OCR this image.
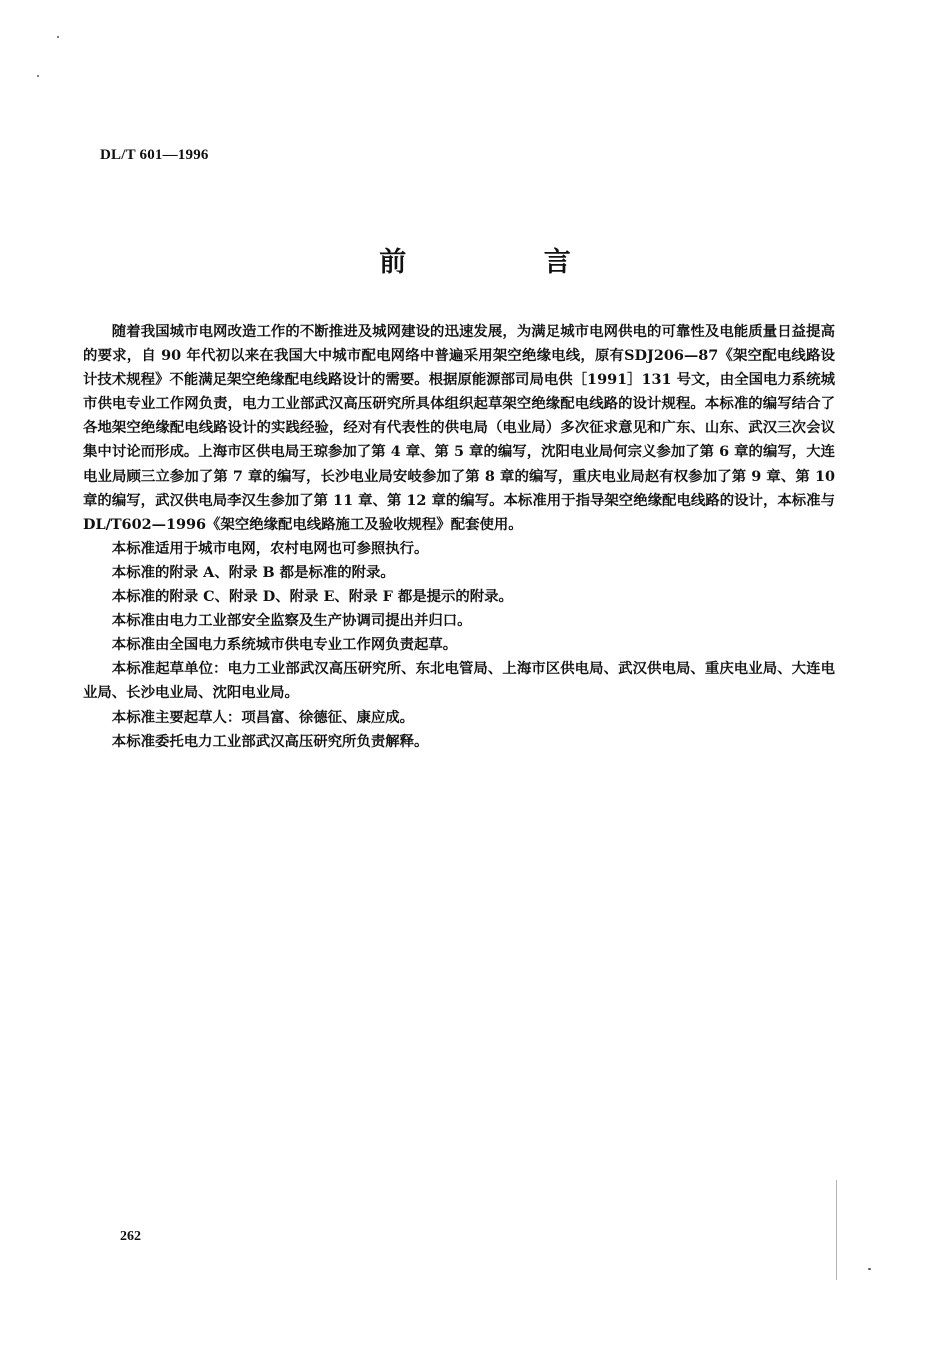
DL/T 601—1996
前 言

随着我国城市电网改造工作的不断推进及城网建设的迅速发展，为满足城市电网供电的可靠性及电能质量日益提高的要求，自 90 年代初以来在我国大中城市配电网络中普遍采用架空绝缘电线，原有SDJ206—87《架空配电线路设计技术规程》不能满足架空绝缘配电线路设计的需要。根据原能源部司局电供［1991］131 号文，由全国电力系统城市供电专业工作网负责，电力工业部武汉高压研究所具体组织起草架空绝缘配电线路的设计规程。本标准的编写结合了各地架空绝缘配电线路设计的实践经验，经对有代表性的供电局（电业局）多次征求意见和广东、山东、武汉三次会议集中讨论而形成。上海市区供电局王琼参加了第 4 章、第 5 章的编写，沈阳电业局何宗义参加了第 6 章的编写，大连电业局顾三立参加了第 7 章的编写，长沙电业局安岐参加了第 8 章的编写，重庆电业局赵有权参加了第 9 章、第 10 章的编写，武汉供电局李汉生参加了第 11 章、第 12 章的编写。本标准用于指导架空绝缘配电线路的设计，本标准与 DL/T602—1996《架空绝缘配电线路施工及验收规程》配套使用。

本标准适用于城市电网，农村电网也可参照执行。

本标准的附录 A、附录 B 都是标准的附录。

本标准的附录 C、附录 D、附录 E、附录 F 都是提示的附录。

本标准由电力工业部安全监察及生产协调司提出并归口。

本标准由全国电力系统城市供电专业工作网负责起草。

本标准起草单位：电力工业部武汉高压研究所、东北电管局、上海市区供电局、武汉供电局、重庆电业局、大连电业局、长沙电业局、沈阳电业局。

本标准主要起草人：项昌富、徐德征、康应成。

本标准委托电力工业部武汉高压研究所负责解释。

262
